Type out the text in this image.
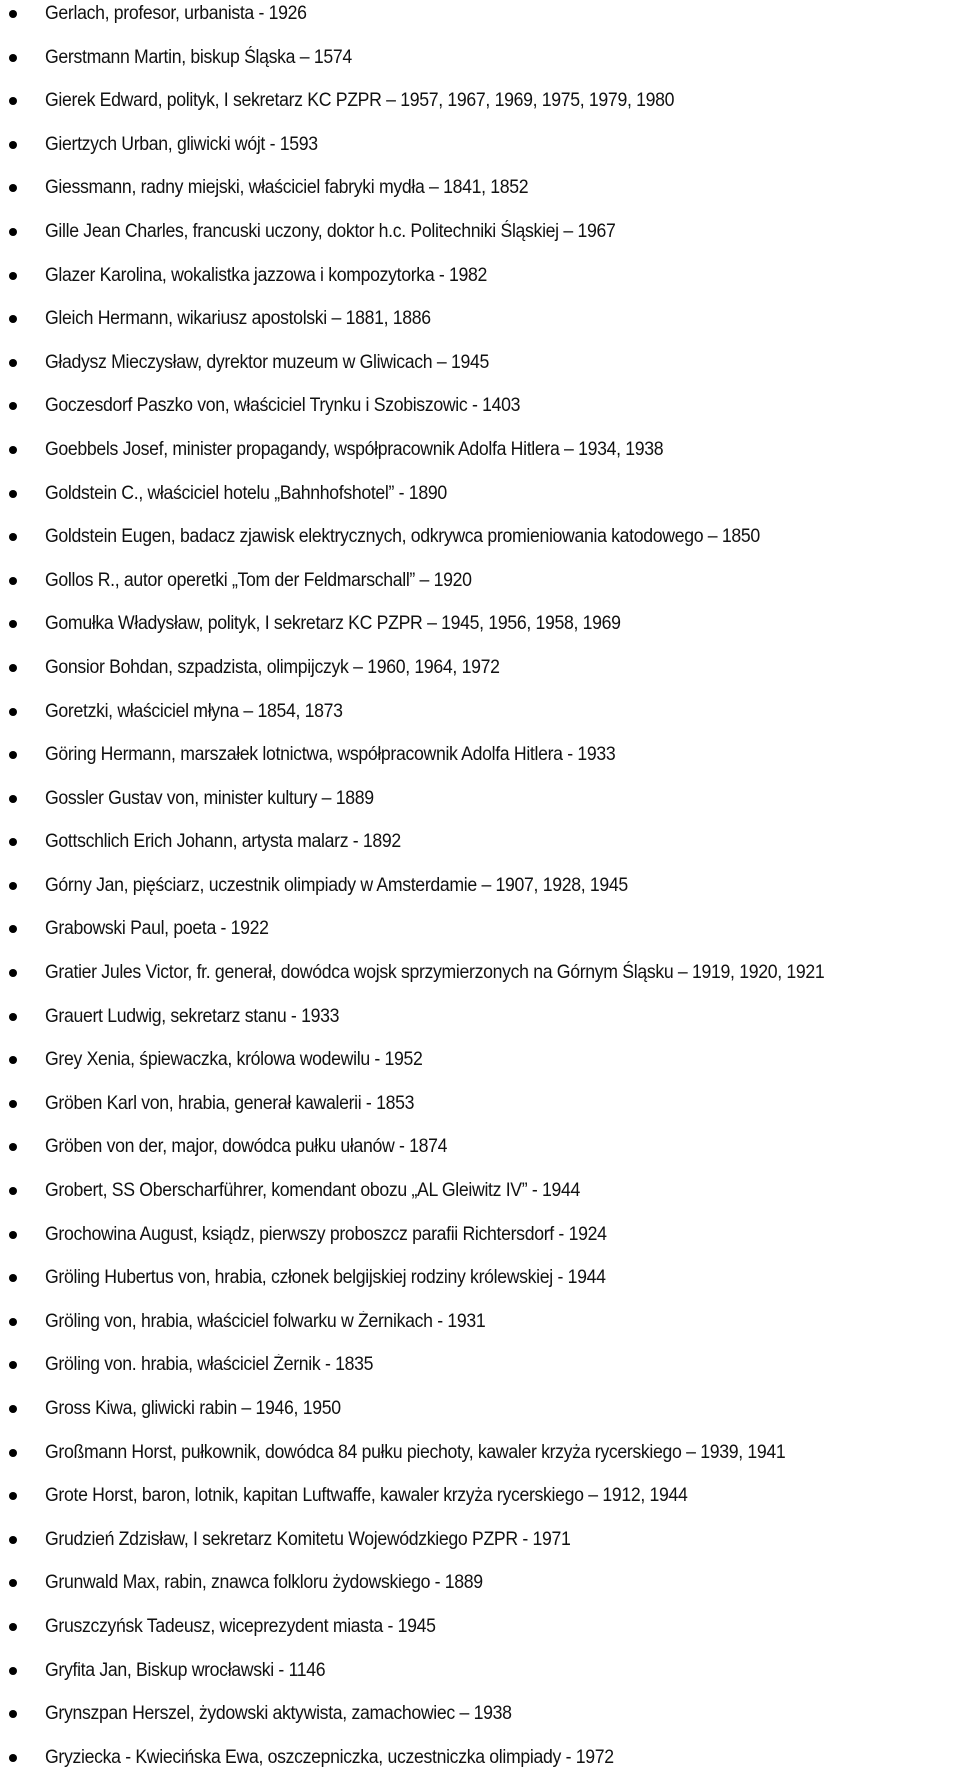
Gerlach, profesor, urbanista - 1926
Gerstmann Martin, biskup Śląska – 1574
Gierek Edward, polityk, I sekretarz KC PZPR – 1957, 1967, 1969, 1975, 1979, 1980
Giertzych Urban, gliwicki wójt - 1593
Giessmann, radny miejski, właściciel fabryki mydła – 1841, 1852
Gille Jean Charles, francuski uczony, doktor h.c. Politechniki Śląskiej – 1967
Glazer Karolina, wokalistka jazzowa i kompozytorka - 1982
Gleich Hermann, wikariusz apostolski – 1881, 1886
Gładysz Mieczysław, dyrektor muzeum w Gliwicach – 1945
Goczesdorf Paszko von, właściciel Trynku i Szobiszowic - 1403
Goebbels Josef, minister propagandy, współpracownik Adolfa Hitlera – 1934, 1938
Goldstein C., właściciel hotelu „Bahnhofshotel” - 1890
Goldstein Eugen, badacz zjawisk elektrycznych, odkrywca promieniowania katodowego – 1850
Gollos R., autor operetki „Tom der Feldmarschall” – 1920
Gomułka Władysław, polityk, I sekretarz KC PZPR – 1945, 1956, 1958, 1969
Gonsior Bohdan, szpadzista, olimpijczyk – 1960, 1964, 1972
Goretzki, właściciel młyna – 1854, 1873
Göring Hermann, marszałek lotnictwa, współpracownik Adolfa Hitlera - 1933
Gossler Gustav von, minister kultury – 1889
Gottschlich Erich Johann, artysta malarz - 1892
Górny Jan, pięściarz, uczestnik olimpiady w Amsterdamie – 1907, 1928, 1945
Grabowski Paul, poeta - 1922
Gratier Jules Victor, fr. generał, dowódca wojsk sprzymierzonych na Górnym Śląsku – 1919, 1920, 1921
Grauert Ludwig, sekretarz stanu - 1933
Grey Xenia, śpiewaczka, królowa wodewilu - 1952
Gröben Karl von, hrabia, generał kawalerii - 1853
Gröben von der, major, dowódca pułku ułanów - 1874
Grobert, SS Oberscharführer, komendant obozu „AL Gleiwitz IV” - 1944
Grochowina August, ksiądz, pierwszy proboszcz parafii Richtersdorf - 1924
Gröling Hubertus von, hrabia, członek belgijskiej rodziny królewskiej - 1944
Gröling von, hrabia, właściciel folwarku w Żernikach - 1931
Gröling von. hrabia, właściciel Żernik - 1835
Gross Kiwa, gliwicki rabin – 1946, 1950
Großmann Horst, pułkownik, dowódca 84 pułku piechoty, kawaler krzyża rycerskiego – 1939, 1941
Grote Horst, baron, lotnik, kapitan Luftwaffe, kawaler krzyża rycerskiego – 1912, 1944
Grudzień Zdzisław, I sekretarz Komitetu Wojewódzkiego PZPR - 1971
Grunwald Max, rabin, znawca folkloru żydowskiego - 1889
Gruszczyńsk Tadeusz, wiceprezydent miasta - 1945
Gryfita Jan, Biskup wrocławski - 1146
Grynszpan Herszel, żydowski aktywista, zamachowiec – 1938
Gryziecka - Kwiecińska Ewa, oszczepniczka, uczestniczka olimpiady - 1972
